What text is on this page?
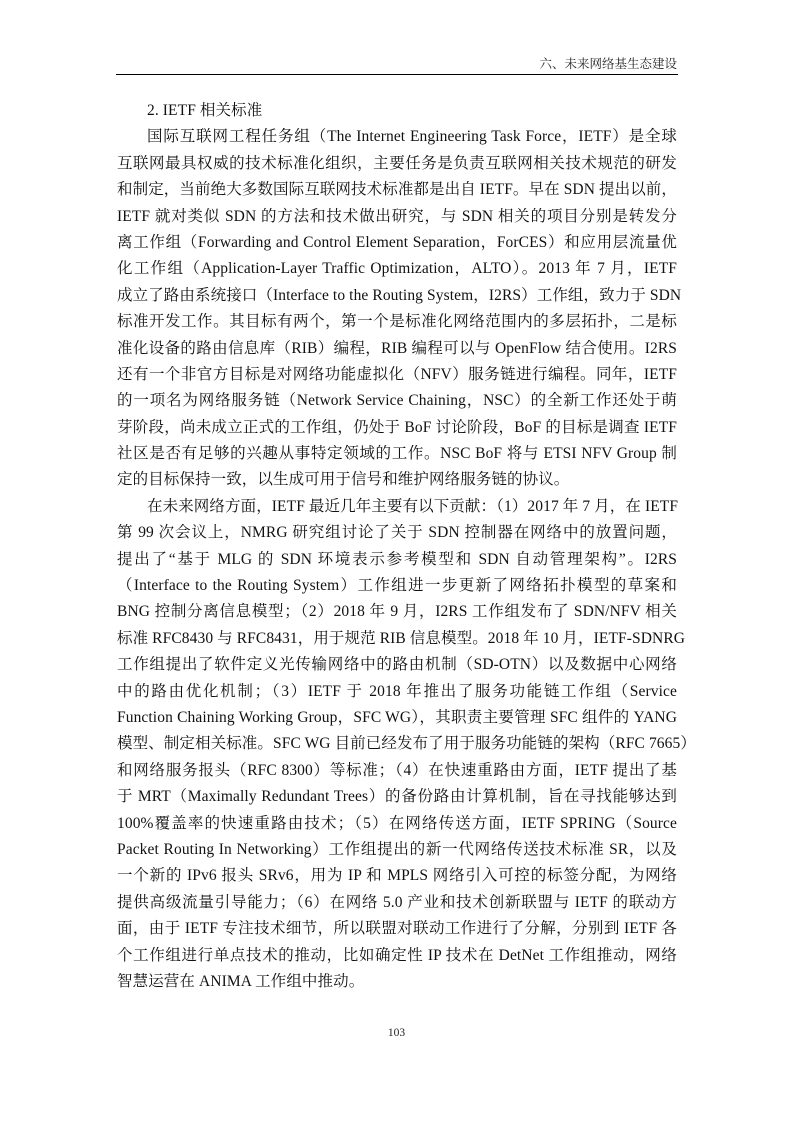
六、未来网络基生态建设
2. IETF 相关标准
国际互联网工程任务组（The Internet Engineering Task Force，IETF）是全球
互联网最具权威的技术标准化组织，主要任务是负责互联网相关技术规范的研发
和制定，当前绝大多数国际互联网技术标准都是出自 IETF。早在 SDN 提出以前，
IETF 就对类似 SDN 的方法和技术做出研究，与 SDN 相关的项目分别是转发分
离工作组（Forwarding and Control Element Separation，ForCES）和应用层流量优
化工作组（Application-Layer Traffic Optimization，ALTO）。2013 年 7 月，IETF
成立了路由系统接口（Interface to the Routing System，I2RS）工作组，致力于 SDN
标准开发工作。其目标有两个，第一个是标准化网络范围内的多层拓扑，二是标
准化设备的路由信息库（RIB）编程，RIB 编程可以与 OpenFlow 结合使用。I2RS
还有一个非官方目标是对网络功能虚拟化（NFV）服务链进行编程。同年，IETF
的一项名为网络服务链（Network Service Chaining，NSC）的全新工作还处于萌
芽阶段，尚未成立正式的工作组，仍处于 BoF 讨论阶段，BoF 的目标是调查 IETF
社区是否有足够的兴趣从事特定领域的工作。NSC BoF 将与 ETSI NFV Group 制
定的目标保持一致，以生成可用于信号和维护网络服务链的协议。
在未来网络方面，IETF 最近几年主要有以下贡献：（1）2017 年 7 月，在 IETF
第 99 次会议上，NMRG 研究组讨论了关于 SDN 控制器在网络中的放置问题，
提出了“基于 MLG 的 SDN 环境表示参考模型和 SDN 自动管理架构”。I2RS
（Interface to the Routing System）工作组进一步更新了网络拓扑模型的草案和
BNG 控制分离信息模型；（2）2018 年 9 月，I2RS 工作组发布了 SDN/NFV 相关
标准 RFC8430 与 RFC8431，用于规范 RIB 信息模型。2018 年 10 月，IETF-SDNRG
工作组提出了软件定义光传输网络中的路由机制（SD-OTN）以及数据中心网络
中的路由优化机制；（3）IETF 于 2018 年推出了服务功能链工作组（Service
Function Chaining Working Group，SFC WG），其职责主要管理 SFC 组件的 YANG
模型、制定相关标准。SFC WG 目前已经发布了用于服务功能链的架构（RFC 7665）
和网络服务报头（RFC 8300）等标准；（4）在快速重路由方面，IETF 提出了基
于 MRT（Maximally Redundant Trees）的备份路由计算机制，旨在寻找能够达到
100%覆盖率的快速重路由技术；（5）在网络传送方面，IETF SPRING（Source
Packet Routing In Networking）工作组提出的新一代网络传送技术标准 SR，以及
一个新的 IPv6 报头 SRv6，用为 IP 和 MPLS 网络引入可控的标签分配，为网络
提供高级流量引导能力；（6）在网络 5.0 产业和技术创新联盟与 IETF 的联动方
面，由于 IETF 专注技术细节，所以联盟对联动工作进行了分解，分别到 IETF 各
个工作组进行单点技术的推动，比如确定性 IP 技术在 DetNet 工作组推动，网络
智慧运营在 ANIMA 工作组中推动。
103
